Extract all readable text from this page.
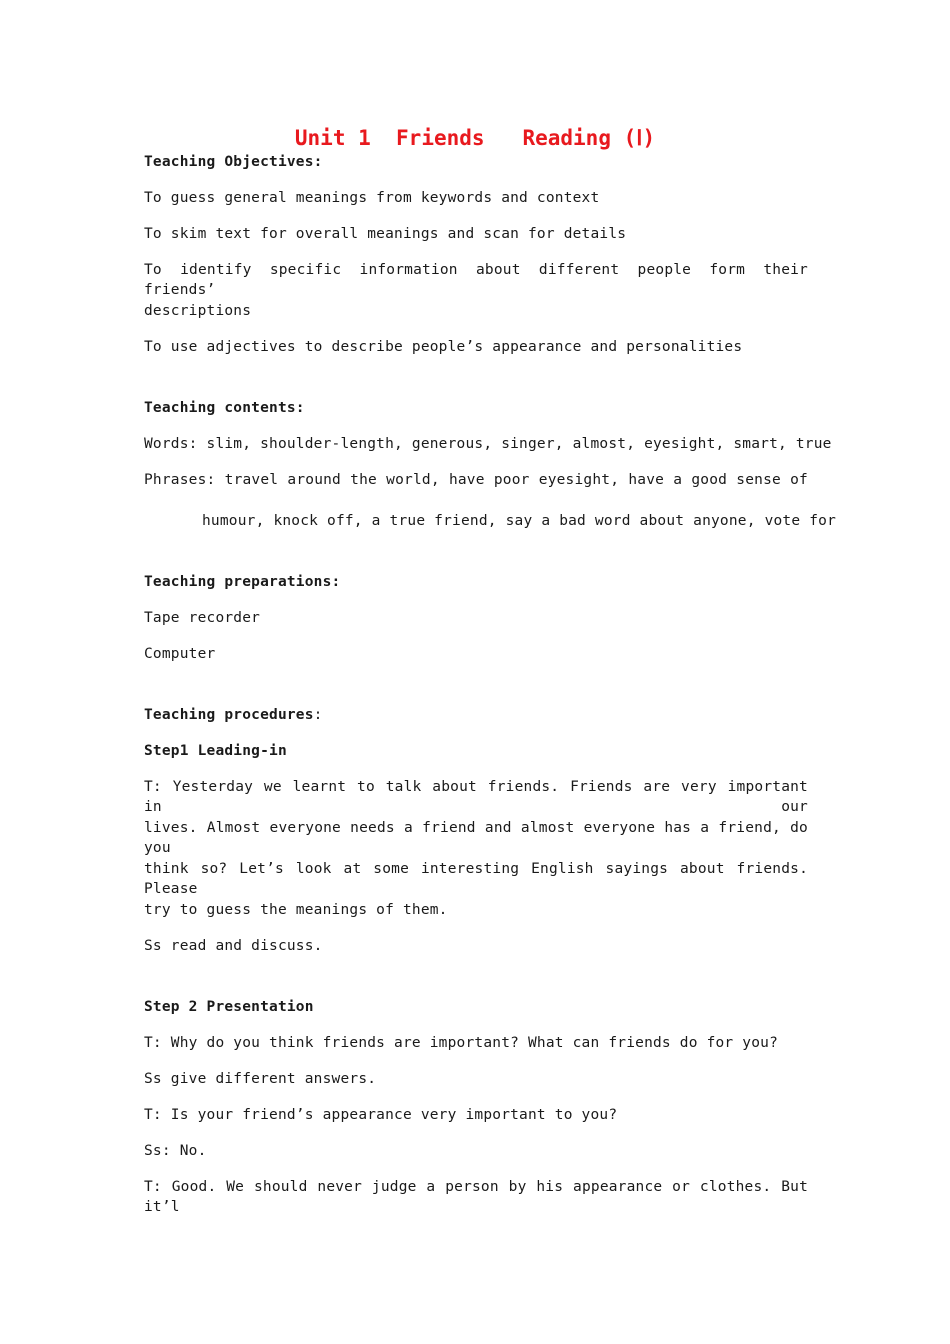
Unit 1  Friends   Reading (Ⅰ)
Teaching Objectives:
To guess general meanings from keywords and context
To skim text for overall meanings and scan for details
To identify specific information about different people form their friends’
descriptions
To use adjectives to describe people’s appearance and personalities
Teaching contents:
Words: slim, shoulder-length, generous, singer, almost, eyesight, smart, true
Phrases: travel around the world, have poor eyesight, have a good sense of
humour, knock off, a true friend, say a bad word about anyone, vote for
Teaching preparations:
Tape recorder
Computer
Teaching procedures:
Step1 Leading-in
T: Yesterday we learnt to talk about friends. Friends are very important in our
lives. Almost everyone needs a friend and almost everyone has a friend, do you
think so? Let’s look at some interesting English sayings about friends. Please
try to guess the meanings of them.
Ss read and discuss.
Step 2 Presentation
T: Why do you think friends are important? What can friends do for you?
Ss give different answers.
T: Is your friend’s appearance very important to you?
Ss: No.
T: Good. We should never judge a person by his appearance or clothes. But it’l
